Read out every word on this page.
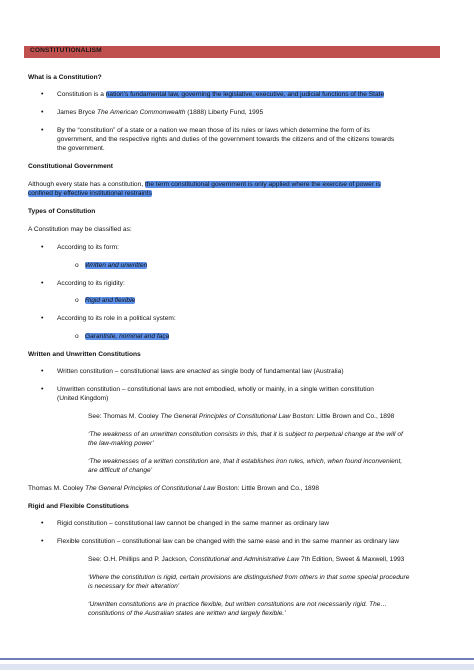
CONSTITUTIONALISM
What is a Constitution?
• Constitution is a nation's fundamental law, governing the legislative, executive, and judicial functions of the State
• James Bryce The American Commonwealth (1888) Liberty Fund, 1995
• By the “constitution” of a state or a nation we mean those of its rules or laws which determine the form of its
government, and the respective rights and duties of the government towards the citizens and of the citizens towards
the government.
Constitutional Government
Although every state has a constitution, the term constitutional government is only applied where the exercise of power is
confined by effective institutional restraints
Types of Constitution
A Constitution may be classified as:
• According to its form:
o Written and unwritten
• According to its rigidity:
o Rigid and flexible
• According to its role in a political system:
o Garantiste, nominal and faça
Written and Unwritten Constitutions
• Written constitution – constitutional laws are enacted as single body of fundamental law (Australia)
• Unwritten constitution – constitutional laws are not embodied, wholly or mainly, in a single written constitution
(United Kingdom)
See: Thomas M. Cooley The General Principles of Constitutional Law Boston: Little Brown and Co., 1898
‘The weakness of an unwritten constitution consists in this, that it is subject to perpetual change at the will of
the law-making power’
‘The weaknesses of a written constitution are, that it establishes iron rules, which, when found inconvenient,
are difficult of change’
Thomas M. Cooley The General Principles of Constitutional Law Boston: Little Brown and Co., 1898
Rigid and Flexible Constitutions
• Rigid constitution – constitutional law cannot be changed in the same manner as ordinary law
• Flexible constitution – constitutional law can be changed with the same ease and in the same manner as ordinary law
See: O.H. Phillips and P. Jackson, Constitutional and Administrative Law 7th Edition, Sweet & Maxwell, 1993
‘Where the constitution is rigid, certain provisions are distinguished from others in that some special procedure
is necessary for their alteration’
‘Unwritten constitutions are in practice flexible, but written constitutions are not necessarily rigid. The…
constitutions of the Australian states are written and largely flexible.’
